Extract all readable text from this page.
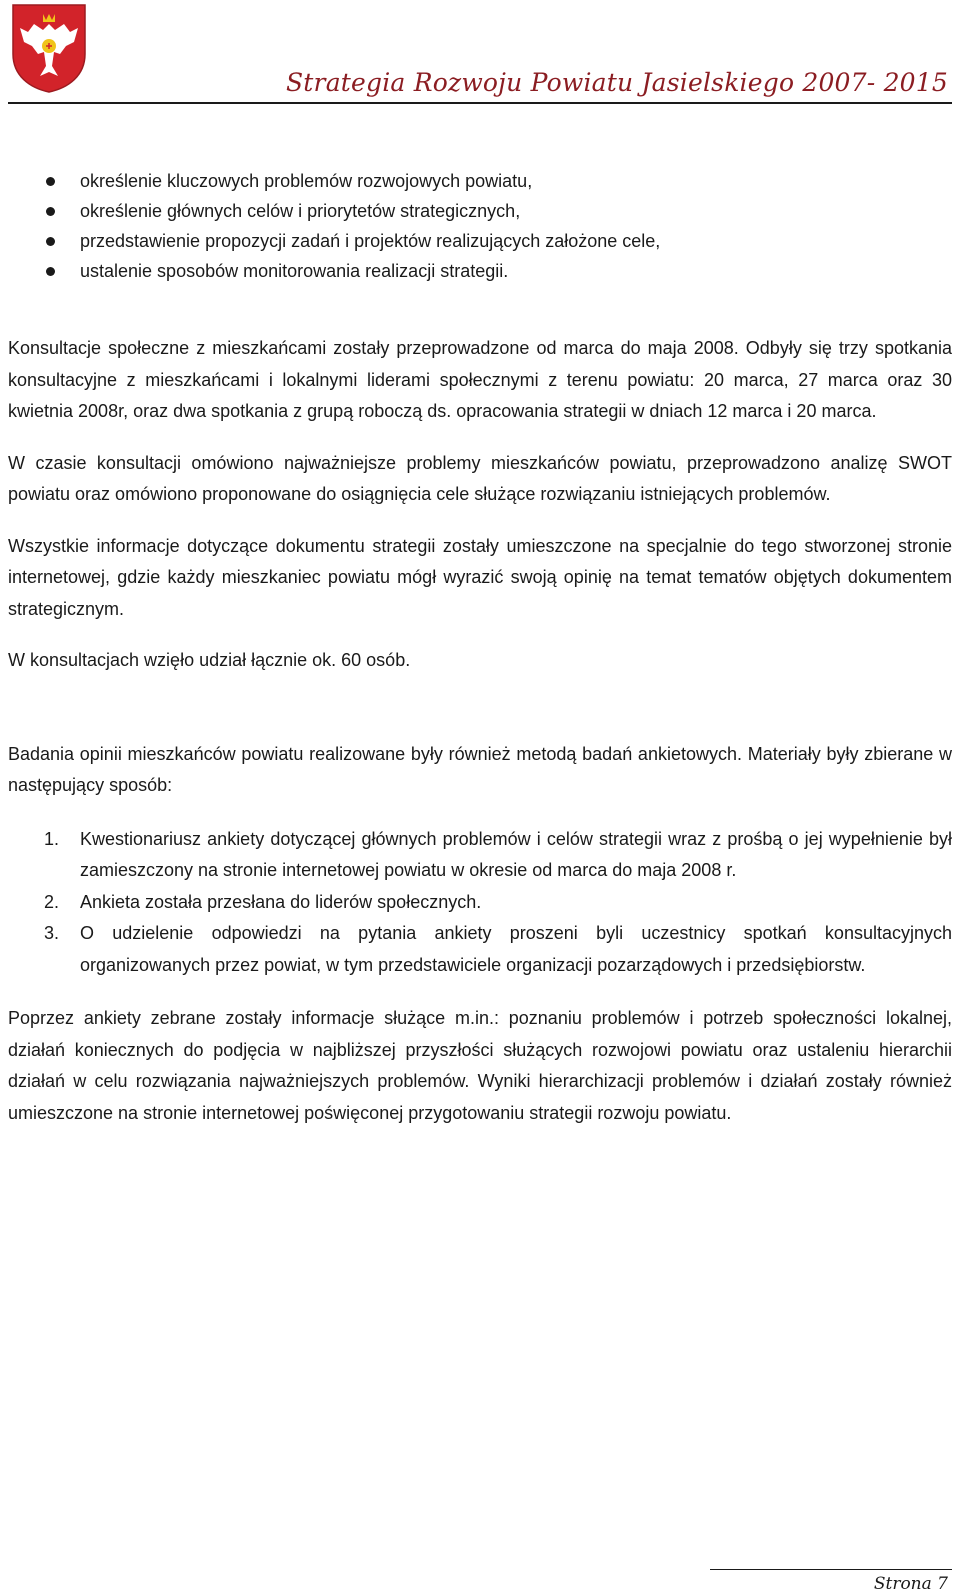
Strategia Rozwoju Powiatu Jasielskiego 2007- 2015
określenie kluczowych problemów rozwojowych powiatu,
określenie głównych celów i priorytetów strategicznych,
przedstawienie propozycji zadań i projektów realizujących założone cele,
ustalenie sposobów monitorowania realizacji strategii.

Konsultacje społeczne z mieszkańcami zostały przeprowadzone od marca do maja 2008. Odbyły się trzy spotkania konsultacyjne z mieszkańcami i lokalnymi liderami społecznymi z terenu powiatu: 20 marca, 27 marca oraz 30 kwietnia 2008r, oraz dwa spotkania z grupą roboczą ds. opracowania strategii w dniach 12 marca i 20 marca.

W czasie konsultacji omówiono najważniejsze problemy mieszkańców powiatu, przeprowadzono analizę SWOT powiatu oraz omówiono proponowane do osiągnięcia cele służące rozwiązaniu istniejących problemów.

Wszystkie informacje dotyczące dokumentu strategii zostały umieszczone na specjalnie do tego stworzonej stronie internetowej, gdzie każdy mieszkaniec powiatu mógł wyrazić swoją opinię na temat tematów objętych dokumentem strategicznym.

W konsultacjach wzięło udział łącznie ok. 60 osób.

Badania opinii mieszkańców powiatu realizowane były również metodą badań ankietowych. Materiały były zbierane w następujący sposób:

1. Kwestionariusz ankiety dotyczącej głównych problemów i celów strategii wraz z prośbą o jej wypełnienie był zamieszczony na stronie internetowej powiatu w okresie od marca do maja 2008 r.
2. Ankieta została przesłana do liderów społecznych.
3. O udzielenie odpowiedzi na pytania ankiety proszeni byli uczestnicy spotkań konsultacyjnych organizowanych przez powiat, w tym przedstawiciele organizacji pozarządowych i przedsiębiorstw.

Poprzez ankiety zebrane zostały informacje służące m.in.: poznaniu problemów i potrzeb społeczności lokalnej, działań koniecznych do podjęcia w najbliższej przyszłości służących rozwojowi powiatu oraz ustaleniu hierarchii działań w celu rozwiązania najważniejszych problemów. Wyniki hierarchizacji problemów i działań zostały również umieszczone na stronie internetowej poświęconej przygotowaniu strategii rozwoju powiatu.

Strona 7
